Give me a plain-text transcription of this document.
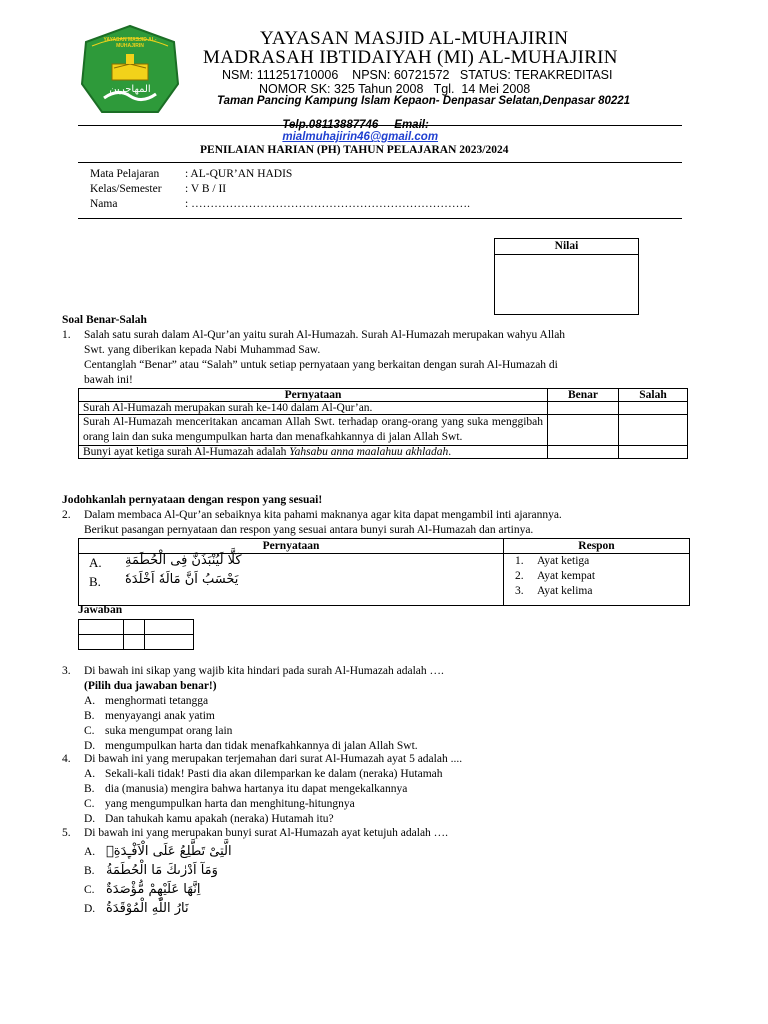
YAYASAN MASJID AL-MUHAJIRIN
المهاجرين
YAYASAN MASJID AL-MUHAJIRIN
MADRASAH IBTIDAIYAH (MI) AL-MUHAJIRIN
NSM: 111251710006    NPSN: 60721572   STATUS: TERAKREDITASI
NOMOR SK: 325 Tahun 2008   Tgl.  14 Mei 2008
Taman Pancing Kampung Islam Kepaon- Denpasar Selatan,Denpasar 80221

Telp.08113887746     Email:
mialmuhajirin46@gmail.com

PENILAIAN HARIAN (PH) TAHUN PELAJARAN 2023/2024
Mata Pelajaran : AL-QUR’AN HADIS
Kelas/Semester : V B / II
Nama	: ……………………………………………………………….
Nilai
Soal Benar-Salah
1. Salah satu surah dalam Al-Qur’an yaitu surah Al-Humazah. Surah Al-Humazah merupakan wahyu Allah
Swt. yang diberikan kepada Nabi Muhammad Saw.
Centanglah “Benar” atau “Salah” untuk setiap pernyataan yang berkaitan dengan surah Al-Humazah di
bawah ini!
Pernyataan	Benar	Salah
Surah Al-Humazah merupakan surah ke-140 dalam Al-Qur’an.		
Surah Al-Humazah menceritakan ancaman Allah Swt. terhadap orang-orang yang suka menggibah orang lain dan suka mengumpulkan harta dan menafkahkannya di jalan Allah Swt.		
Bunyi ayat ketiga surah Al-Humazah adalah Yahsabu anna maalahuu akhladah.		
Jodohkanlah pernyataan dengan respon yang sesuai!
2. Dalam membaca Al-Qur’an sebaiknya kita pahami maknanya agar kita dapat mengambil inti ajarannya.
Berikut pasangan pernyataan dan respon yang sesuai antara bunyi surah Al-Humazah dan artinya.
Pernyataan	Respon
A. كَلَّا لَيُنْبَذَنَّ فِى الْحُطَمَةِ
B. يَحْسَبُ اَنَّ مَالَهٗ اَخْلَدَهٗ
1. Ayat ketiga
2. Ayat kempat
3. Ayat kelima
Jawaban

3. Di bawah ini sikap yang wajib kita hindari pada surah Al-Humazah adalah ….
(Pilih dua jawaban benar!)
A. menghormati tetangga
B. menyayangi anak yatim
C. suka mengumpat orang lain
D. mengumpulkan harta dan tidak menafkahkannya di jalan Allah Swt.
4. Di bawah ini yang merupakan terjemahan dari surat Al-Humazah ayat 5 adalah ....
A. Sekali-kali tidak! Pasti dia akan dilemparkan ke dalam (neraka) Hutamah
B. dia (manusia) mengira bahwa hartanya itu dapat mengekalkannya
C. yang mengumpulkan harta dan menghitung-hitungnya
D. Dan tahukah kamu apakah (neraka) Hutamah itu?
5. Di bawah ini yang merupakan bunyi surat Al-Humazah ayat ketujuh adalah ….
A. الَّتِىْ تَطَّلِعُ عَلَى الْاَفْـِٕدَةِۗ
B. وَمَآ اَدْرٰىكَ مَا الْحُطَمَةُ
C. اِنَّهَا عَلَيْهِمْ مُّؤْصَدَةٌ
D. نَارُ اللّٰهِ الْمُوْقَدَةُ
